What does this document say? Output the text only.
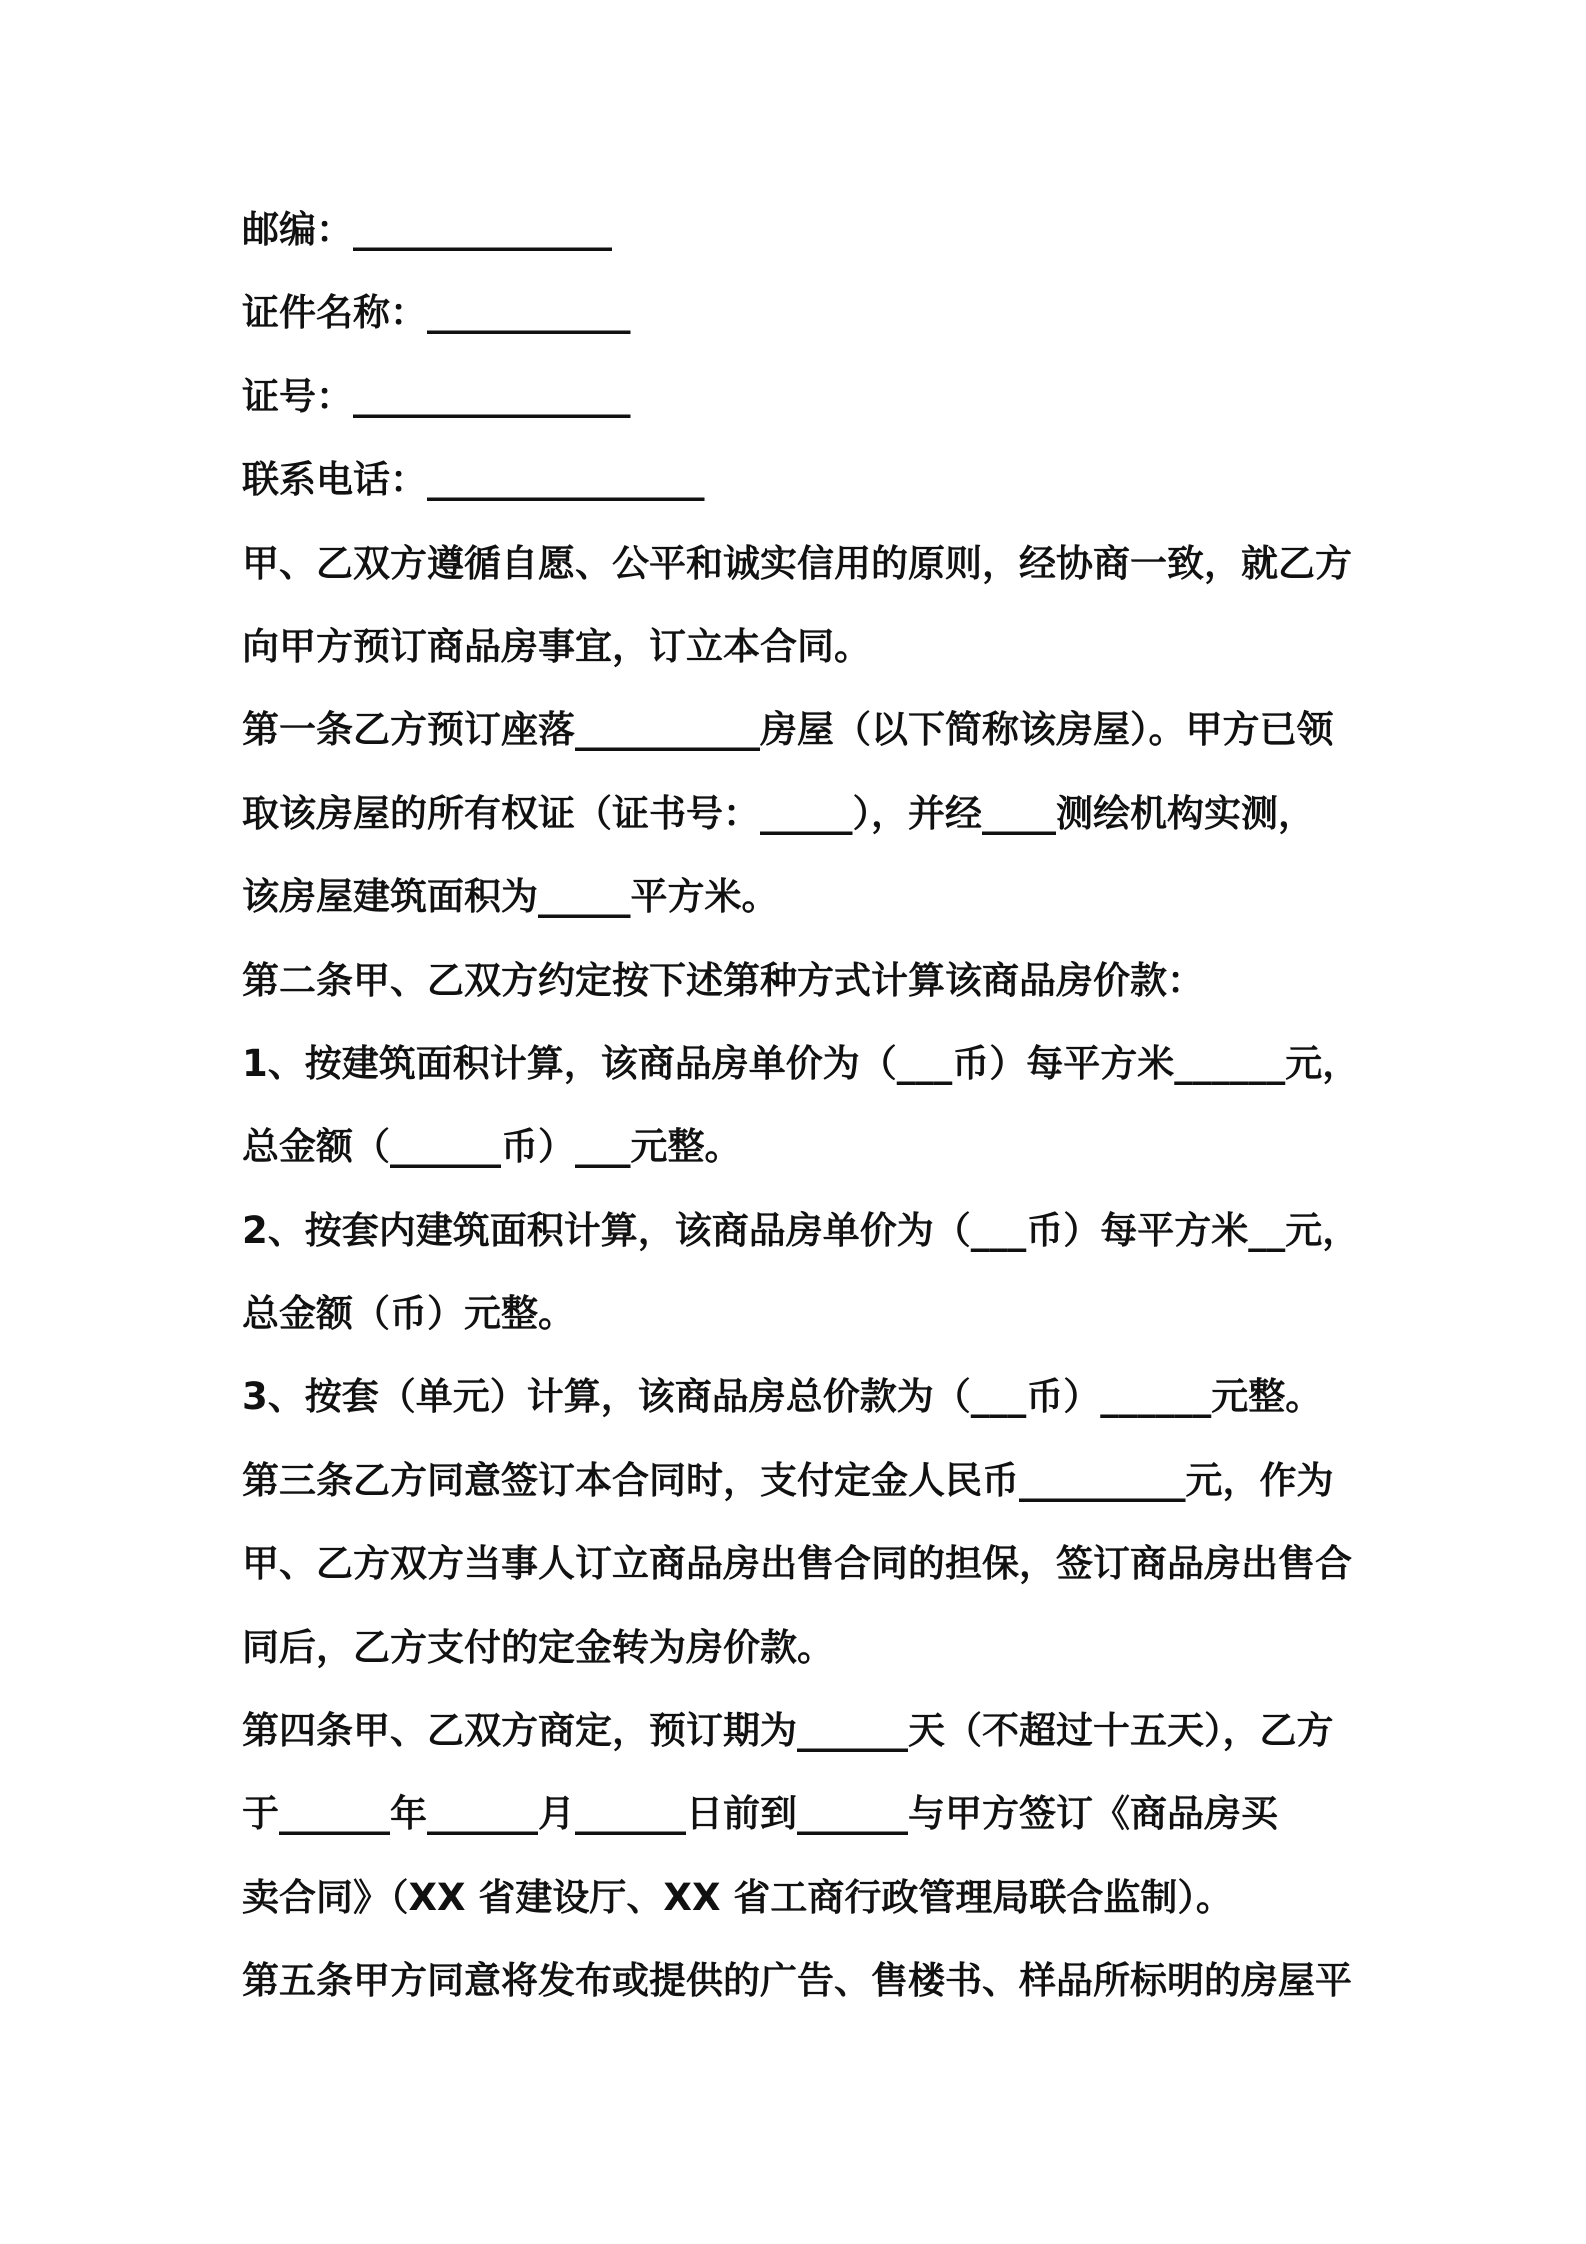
邮编：______________
证件名称：___________
证号：_______________
联系电话：_______________
甲、乙双方遵循自愿、公平和诚实信用的原则，经协商一致，就乙方
向甲方预订商品房事宜，订立本合同。
第一条乙方预订座落__________房屋（以下简称该房屋）。甲方已领
取该房屋的所有权证（证书号：_____），并经____测绘机构实测，
该房屋建筑面积为_____平方米。
第二条甲、乙双方约定按下述第种方式计算该商品房价款：
1、按建筑面积计算，该商品房单价为（___币）每平方米______元，
总金额（______币）___元整。
2、按套内建筑面积计算，该商品房单价为（___币）每平方米__元，
总金额（币）元整。
3、按套（单元）计算，该商品房总价款为（___币）______元整。
第三条乙方同意签订本合同时，支付定金人民币_________元，作为
甲、乙方双方当事人订立商品房出售合同的担保，签订商品房出售合
同后，乙方支付的定金转为房价款。
第四条甲、乙双方商定，预订期为______天（不超过十五天），乙方
于______年______月______日前到______与甲方签订《商品房买
卖合同》（XX 省建设厅、XX 省工商行政管理局联合监制）。
第五条甲方同意将发布或提供的广告、售楼书、样品所标明的房屋平
